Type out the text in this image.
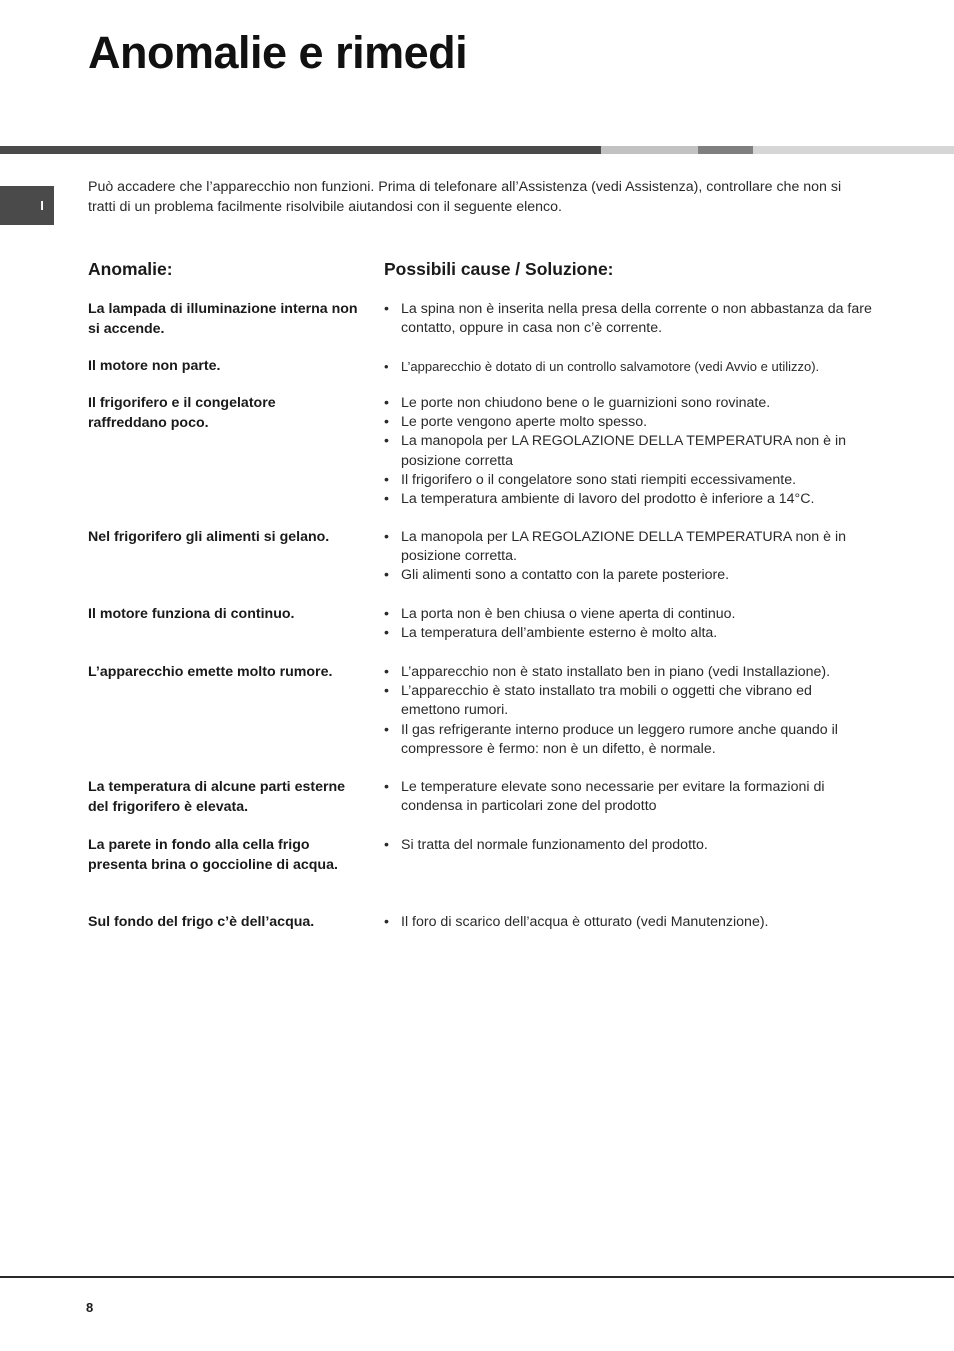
Anomalie e rimedi
I
Può accadere che l’apparecchio non funzioni. Prima di telefonare all’Assistenza (vedi Assistenza), controllare che non si tratti di un problema facilmente risolvibile aiutandosi con il seguente elenco.
Anomalie:	Possibili cause / Soluzione:
La lampada di illuminazione interna non si accende.
• La spina non è inserita nella presa della corrente o non abbastanza da fare contatto, oppure in casa non c’è corrente.
Il motore non parte.	• L’apparecchio è dotato di un controllo salvamotore (vedi Avvio e utilizzo).
Il frigorifero e il congelatore raffreddano poco.
• Le porte non chiudono bene o le guarnizioni sono rovinate.
• Le porte vengono aperte molto spesso.
• La manopola per LA REGOLAZIONE DELLA TEMPERATURA non è in posizione corretta
• Il frigorifero o il congelatore sono stati riempiti eccessivamente.
• La temperatura ambiente di lavoro del prodotto è inferiore a 14°C.
Nel frigorifero gli alimenti si gelano.	• La manopola per LA REGOLAZIONE DELLA TEMPERATURA non è in posizione corretta.
• Gli alimenti sono a contatto con la parete posteriore.
Il motore funziona di continuo.	• La porta non è ben chiusa o viene aperta di continuo.
• La temperatura dell’ambiente esterno è molto alta.
L’apparecchio emette molto rumore.	• L’apparecchio non è stato installato ben in piano (vedi Installazione).
• L’apparecchio è stato installato tra mobili o oggetti che vibrano ed emettono rumori.
• Il gas refrigerante interno produce un leggero rumore anche quando il compressore è fermo: non è un difetto, è normale.
La temperatura di alcune parti esterne del frigorifero è elevata.
• Le temperature elevate sono necessarie per evitare la formazioni di condensa in particolari zone del prodotto
La parete in fondo alla cella frigo presenta brina o goccioline di acqua.
• Si tratta del normale funzionamento del prodotto.
Sul fondo del frigo c’è dell’acqua.	• Il foro di scarico dell’acqua è otturato (vedi Manutenzione).
8
